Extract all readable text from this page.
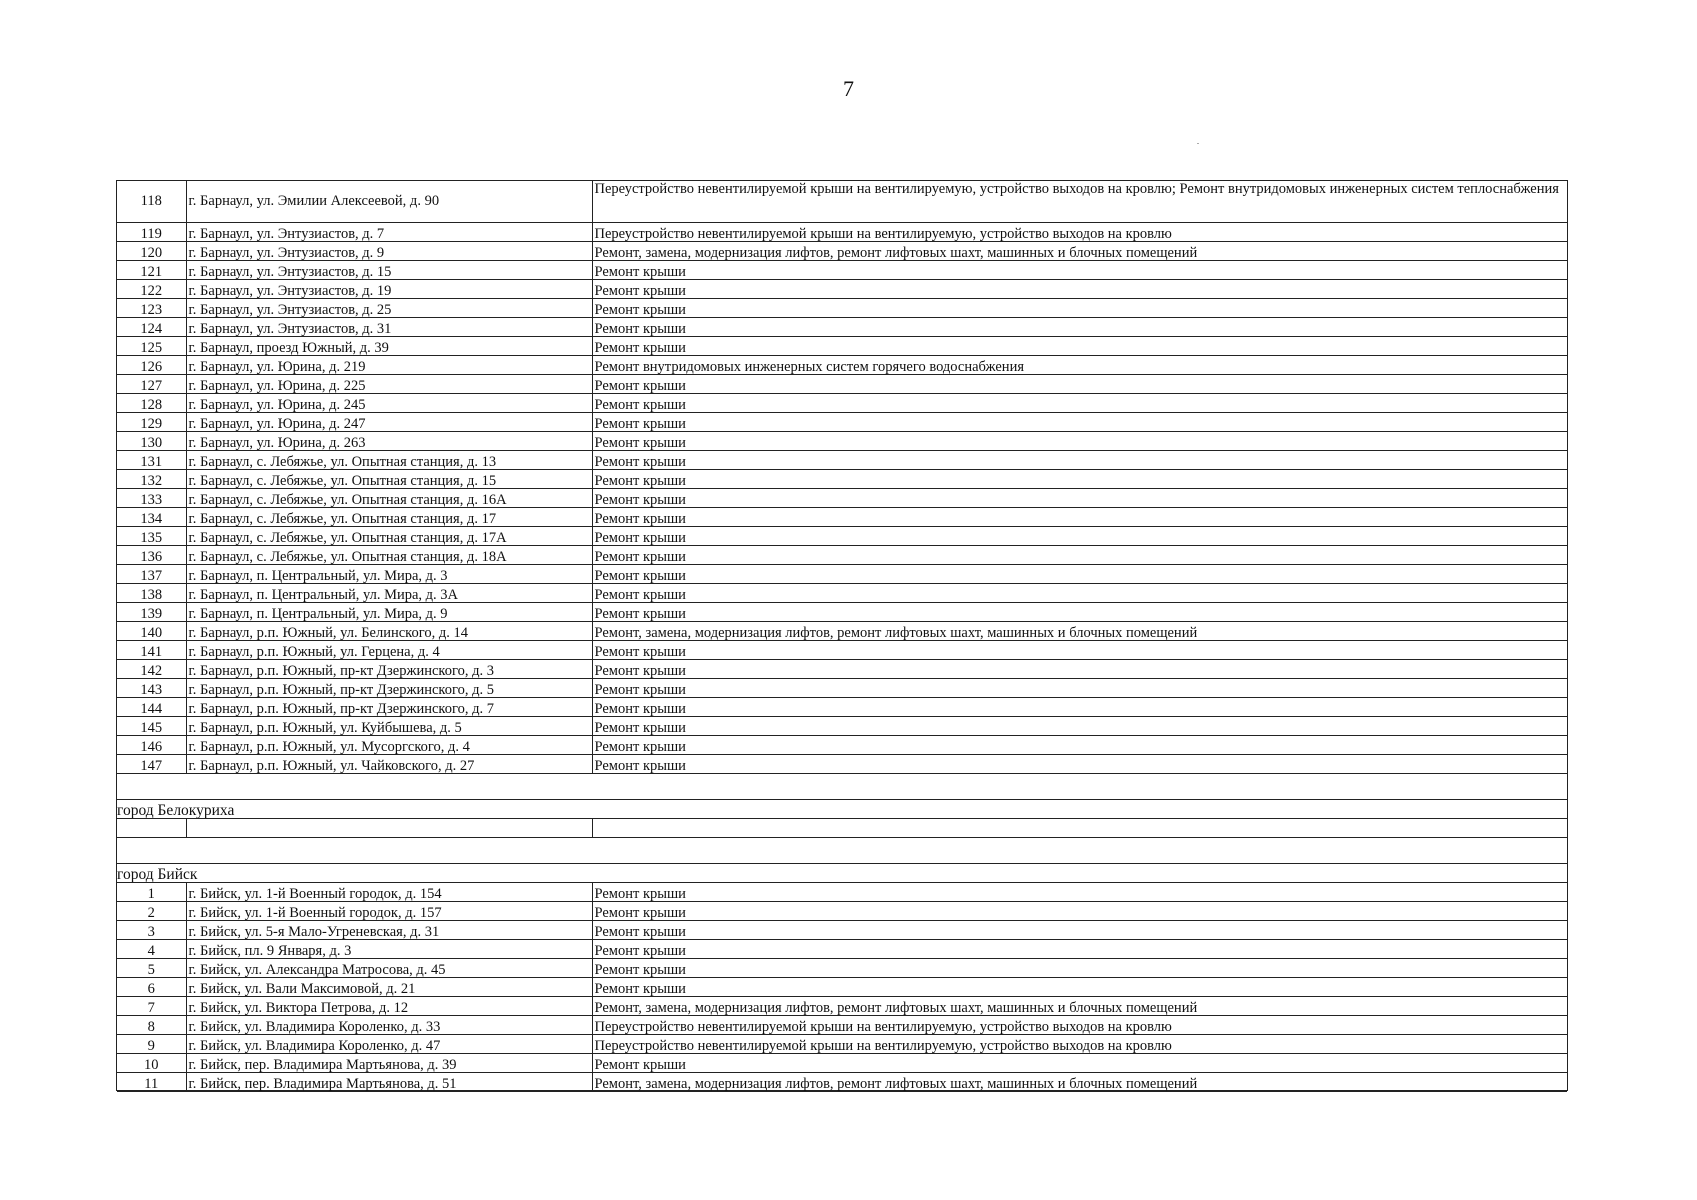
7
118	г. Барнаул, ул. Эмилии Алексеевой, д. 90	Переустройство невентилируемой крыши на вентилируемую, устройство выходов на кровлю; Ремонт внутридомовых инженерных систем теплоснабжения
119	г. Барнаул, ул. Энтузиастов, д. 7	Переустройство невентилируемой крыши на вентилируемую, устройство выходов на кровлю
120	г. Барнаул, ул. Энтузиастов, д. 9	Ремонт, замена, модернизация лифтов, ремонт лифтовых шахт, машинных и блочных помещений
121	г. Барнаул, ул. Энтузиастов, д. 15	Ремонт крыши
122	г. Барнаул, ул. Энтузиастов, д. 19	Ремонт крыши
123	г. Барнаул, ул. Энтузиастов, д. 25	Ремонт крыши
124	г. Барнаул, ул. Энтузиастов, д. 31	Ремонт крыши
125	г. Барнаул, проезд Южный, д. 39	Ремонт крыши
126	г. Барнаул, ул. Юрина, д. 219	Ремонт внутридомовых инженерных систем горячего водоснабжения
127	г. Барнаул, ул. Юрина, д. 225	Ремонт крыши
128	г. Барнаул, ул. Юрина, д. 245	Ремонт крыши
129	г. Барнаул, ул. Юрина, д. 247	Ремонт крыши
130	г. Барнаул, ул. Юрина, д. 263	Ремонт крыши
131	г. Барнаул, с. Лебяжье, ул. Опытная станция, д. 13	Ремонт крыши
132	г. Барнаул, с. Лебяжье, ул. Опытная станция, д. 15	Ремонт крыши
133	г. Барнаул, с. Лебяжье, ул. Опытная станция, д. 16А	Ремонт крыши
134	г. Барнаул, с. Лебяжье, ул. Опытная станция, д. 17	Ремонт крыши
135	г. Барнаул, с. Лебяжье, ул. Опытная станция, д. 17А	Ремонт крыши
136	г. Барнаул, с. Лебяжье, ул. Опытная станция, д. 18А	Ремонт крыши
137	г. Барнаул, п. Центральный, ул. Мира, д. 3	Ремонт крыши
138	г. Барнаул, п. Центральный, ул. Мира, д. 3А	Ремонт крыши
139	г. Барнаул, п. Центральный, ул. Мира, д. 9	Ремонт крыши
140	г. Барнаул, р.п. Южный, ул. Белинского, д. 14	Ремонт, замена, модернизация лифтов, ремонт лифтовых шахт, машинных и блочных помещений
141	г. Барнаул, р.п. Южный, ул. Герцена, д. 4	Ремонт крыши
142	г. Барнаул, р.п. Южный, пр-кт Дзержинского, д. 3	Ремонт крыши
143	г. Барнаул, р.п. Южный, пр-кт Дзержинского, д. 5	Ремонт крыши
144	г. Барнаул, р.п. Южный, пр-кт Дзержинского, д. 7	Ремонт крыши
145	г. Барнаул, р.п. Южный, ул. Куйбышева, д. 5	Ремонт крыши
146	г. Барнаул, р.п. Южный, ул. Мусоргского, д. 4	Ремонт крыши
147	г. Барнаул, р.п. Южный, ул. Чайковского, д. 27	Ремонт крыши

город Белокуриха		

город Бийск		
1	г. Бийск, ул. 1-й Военный городок, д. 154	Ремонт крыши
2	г. Бийск, ул. 1-й Военный городок, д. 157	Ремонт крыши
3	г. Бийск, ул. 5-я Мало-Угреневская, д. 31	Ремонт крыши
4	г. Бийск, пл. 9 Января, д. 3	Ремонт крыши
5	г. Бийск, ул. Александра Матросова, д. 45	Ремонт крыши
6	г. Бийск, ул. Вали Максимовой, д. 21	Ремонт крыши
7	г. Бийск, ул. Виктора Петрова, д. 12	Ремонт, замена, модернизация лифтов, ремонт лифтовых шахт, машинных и блочных помещений
8	г. Бийск, ул. Владимира Короленко, д. 33	Переустройство невентилируемой крыши на вентилируемую, устройство выходов на кровлю
9	г. Бийск, ул. Владимира Короленко, д. 47	Переустройство невентилируемой крыши на вентилируемую, устройство выходов на кровлю
10	г. Бийск, пер. Владимира Мартьянова, д. 39	Ремонт крыши
11	г. Бийск, пер. Владимира Мартьянова, д. 51	Ремонт, замена, модернизация лифтов, ремонт лифтовых шахт, машинных и блочных помещений
